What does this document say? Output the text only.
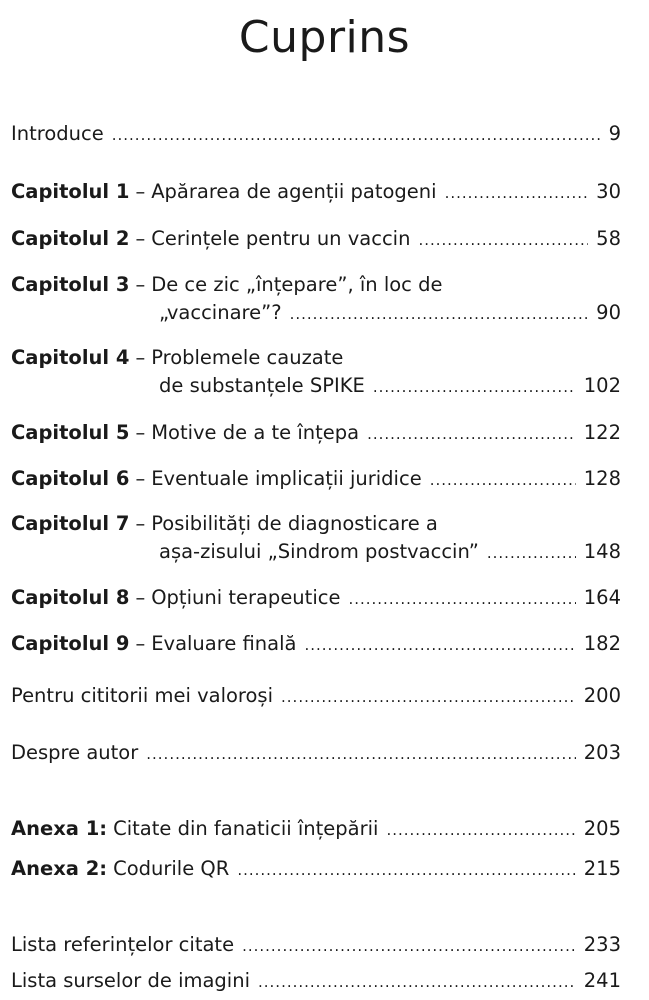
Cuprins
Introduce .....	9
Capitolul 1 – Apărarea de agenții patogeni .....	30
Capitolul 2 – Cerințele pentru un vaccin .....	58
Capitolul 3 – De ce zic „înțepare”, în loc de
„vaccinare”? .....	90
Capitolul 4 – Problemele cauzate
de substanțele SPIKE .....	102
Capitolul 5 – Motive de a te înțepa .....	122
Capitolul 6 – Eventuale implicații juridice .....	128
Capitolul 7 – Posibilități de diagnosticare a
așa-zisului „Sindrom postvaccin” .....	148
Capitolul 8 – Opțiuni terapeutice .....	164
Capitolul 9 – Evaluare finală .....	182
Pentru cititorii mei valoroși .....	200
Despre autor .....	203
Anexa 1: Citate din fanaticii înțepării .....	205
Anexa 2: Codurile QR .....	215
Lista referințelor citate .....	233
Lista surselor de imagini .....	241
